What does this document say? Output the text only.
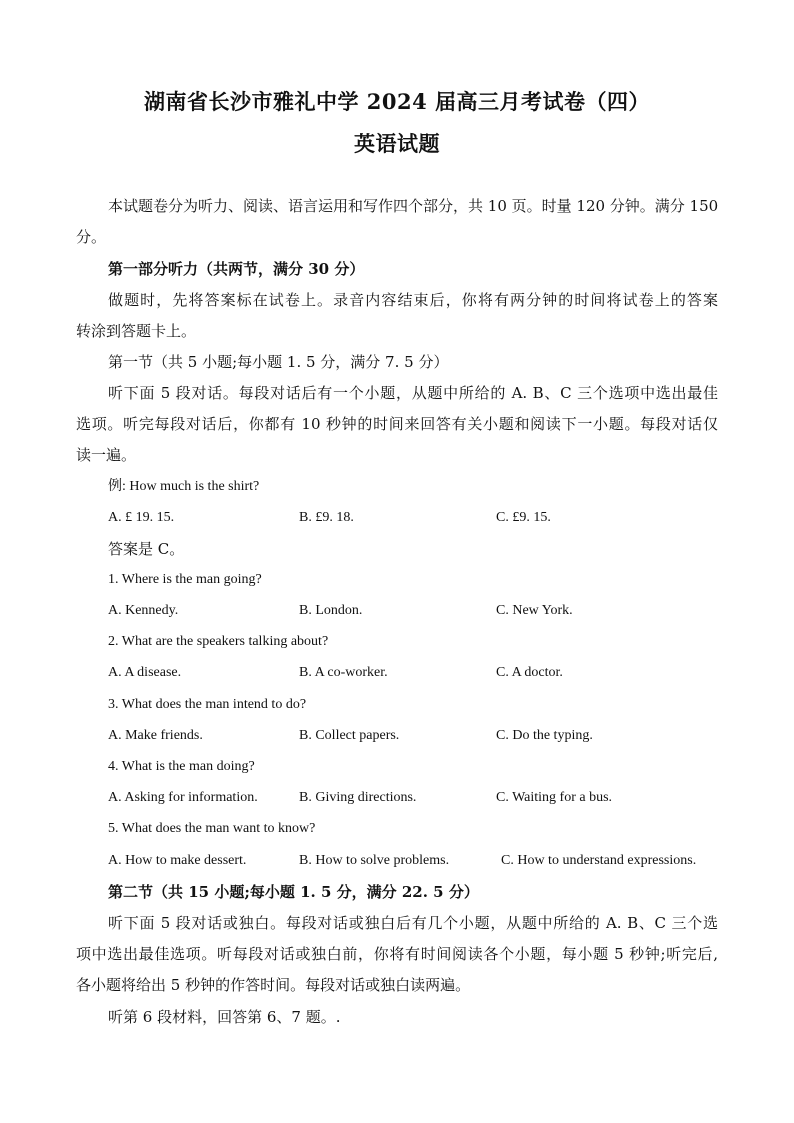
湖南省长沙市雅礼中学 2024 届高三月考试卷（四）
英语试题
本试题卷分为听力、阅读、语言运用和写作四个部分，共 10 页。时量 120 分钟。满分 150
分。
第一部分听力（共两节，满分 30 分）
做题时，先将答案标在试卷上。录音内容结束后，你将有两分钟的时间将试卷上的答案
转涂到答题卡上。
第一节（共 5 小题;每小题 1. 5 分，满分 7. 5 分）
听下面 5 段对话。每段对话后有一个小题，从题中所给的 A. B、C 三个选项中选出最佳
选项。听完每段对话后，你都有 10 秒钟的时间来回答有关小题和阅读下一小题。每段对话仅
读一遍。
例: How much is the shirt?
A. £ 19. 15.	B. £9. 18.	C. £9. 15.
答案是 C。
1. Where is the man going?
A. Kennedy.	B. London.	C. New York.
2. What are the speakers talking about?
A. A disease.	B. A co-worker.	C. A doctor.
3. What does the man intend to do?
A. Make friends.	B. Collect papers.	C. Do the typing.
4. What is the man doing?
A. Asking for information.	B. Giving directions.	C. Waiting for a bus.
5. What does the man want to know?
A. How to make dessert.	B. How to solve problems.	C. How to understand expressions.
第二节（共 15 小题;每小题 1. 5 分，满分 22. 5 分）
听下面 5 段对话或独白。每段对话或独白后有几个小题，从题中所给的 A. B、C 三个选
项中选出最佳选项。听每段对话或独白前，你将有时间阅读各个小题，每小题 5 秒钟;听完后,
各小题将给出 5 秒钟的作答时间。每段对话或独白读两遍。
听第 6 段材料，回答第 6、7 题。.
